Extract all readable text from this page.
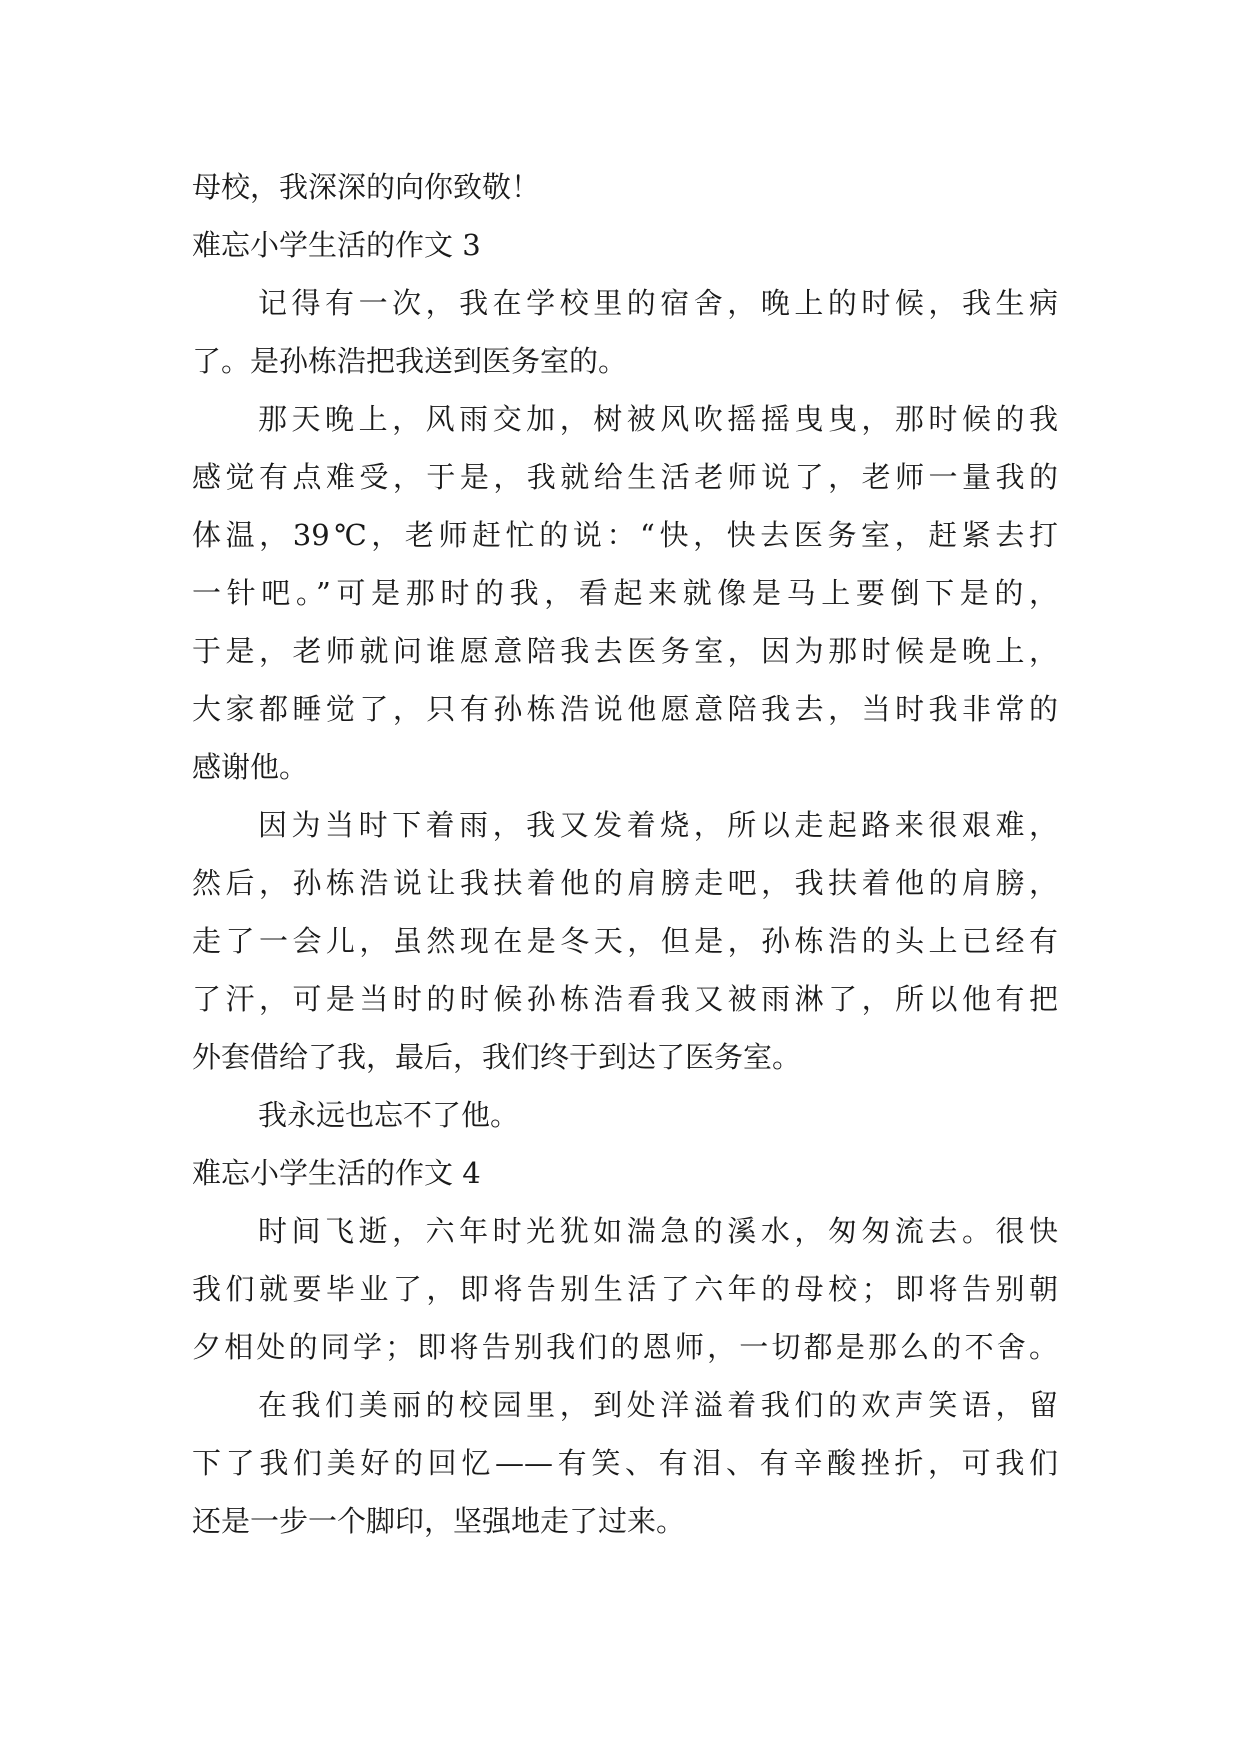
母校，我深深的向你致敬！
难忘小学生活的作文 3
记得有一次，我在学校里的宿舍，晚上的时候，我生病
了。是孙栋浩把我送到医务室的。
那天晚上，风雨交加，树被风吹摇摇曳曳，那时候的我
感觉有点难受，于是，我就给生活老师说了，老师一量我的
体温，39℃，老师赶忙的说：“快，快去医务室，赶紧去打
一针吧。”可是那时的我，看起来就像是马上要倒下是的，
于是，老师就问谁愿意陪我去医务室，因为那时候是晚上，
大家都睡觉了，只有孙栋浩说他愿意陪我去，当时我非常的
感谢他。
因为当时下着雨，我又发着烧，所以走起路来很艰难，
然后，孙栋浩说让我扶着他的肩膀走吧，我扶着他的肩膀，
走了一会儿，虽然现在是冬天，但是，孙栋浩的头上已经有
了汗，可是当时的时候孙栋浩看我又被雨淋了，所以他有把
外套借给了我，最后，我们终于到达了医务室。
我永远也忘不了他。
难忘小学生活的作文 4
时间飞逝，六年时光犹如湍急的溪水，匆匆流去。很快
我们就要毕业了，即将告别生活了六年的母校；即将告别朝
夕相处的同学；即将告别我们的恩师，一切都是那么的不舍。
在我们美丽的校园里，到处洋溢着我们的欢声笑语，留
下了我们美好的回忆——有笑、有泪、有辛酸挫折，可我们
还是一步一个脚印，坚强地走了过来。
